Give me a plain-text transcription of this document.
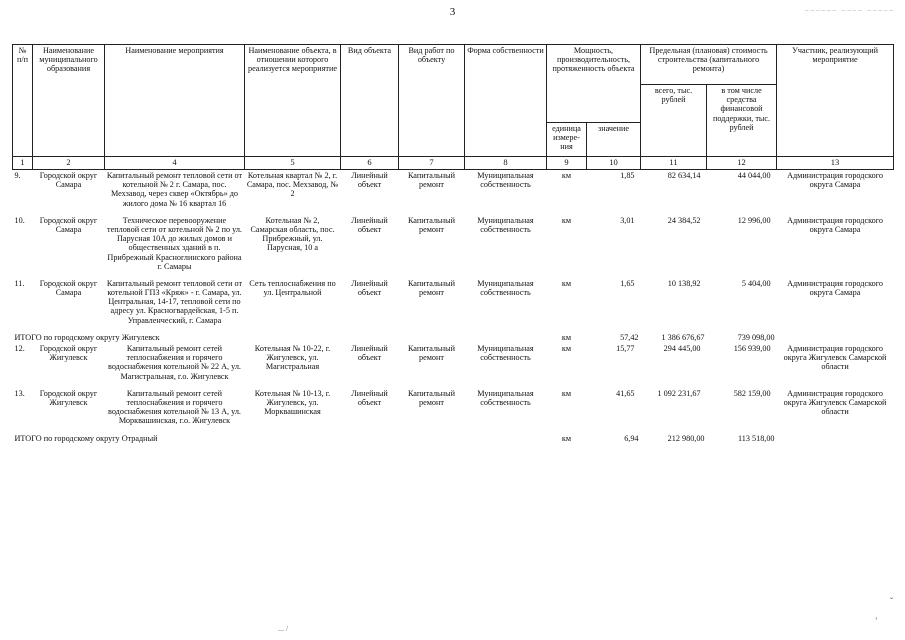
______ ____ _____
3
№ п/п	Наименование муниципального образования	Наименование мероприятия	Наименование объекта, в отношении которого реализуется мероприятие	Вид объекта	Вид работ по объекту	Форма собственности	Мощность, производительность, протяженность объекта		Предельная (плановая) стоимость строительства (капитального ремонта)		Участник, реализующий мероприятие
									всего, тыс. рублей	в том числе средства финансовой поддержки, тыс. рублей	
							единица измере-ния	значение			
1	2	4	5	6	7	8	9	10	11	12	13
9.	Городской округ Самара	Капитальный ремонт тепловой сети от котельной № 2 г. Самара, пос. Мехзавод, через сквер «Октябрь» до жилого дома № 16 квартал 16	Котельная квартал № 2, г. Самара, пос. Мехзавод, № 2	Линейный объект	Капитальный ремонт	Муниципальная собственность	км	1,85	82 634,14	44 044,00	Администрация городского округа Самара

10.	Городской округ Самара	Техническое перевооружение тепловой сети от котельной № 2 по ул. Парусная 10А до жилых домов и общественных зданий в п. Прибрежный Красноглинского района г. Самары	Котельная № 2, Самарская область, пос. Прибрежный, ул. Парусная, 10 а	Линейный объект	Капитальный ремонт	Муниципальная собственность	км	3,01	24 384,52	12 996,00	Администрация городского округа Самара

11.	Городской округ Самара	Капитальный ремонт тепловой сети от котельной ГПЗ «Кряж» - г. Самара, ул. Центральная, 14-17, тепловой сети по адресу ул. Красногвардейская, 1-5 п. Управленческий, г. Самара	Сеть теплоснабжения по ул. Центральной	Линейный объект	Капитальный ремонт	Муниципальная собственность	км	1,65	10 138,92	5 404,00	Администрация городского округа Самара

ИТОГО по городскому округу Жигулевск							км	57,42	1 386 676,67	739 098,00	
12.	Городской округ Жигулевск	Капитальный ремонт сетей теплоснабжения и горячего водоснабжения котельной № 22 А, ул. Магистральная, г.о. Жигулевск	Котельная № 10-22, г. Жигулевск, ул. Магистральная	Линейный объект	Капитальный ремонт	Муниципальная собственность	км	15,77	294 445,00	156 939,00	Администрация городского округа Жигулевск Самарской области

13.	Городской округ Жигулевск	Капитальный ремонт сетей теплоснабжения и горячего водоснабжения котельной № 13 А, ул. Моркваш​инская, г.о. Жигулевск	Котельная № 10-13, г. Жигулевск, ул. Морквашинская	Линейный объект	Капитальный ремонт	Муниципальная собственность	км	41,65	1 092 231,67	582 159,00	Администрация городского округа Жигулевск Самарской области

ИТОГО по городскому округу Отрадный							км	6,94	212 980,00	113 518,00	
... /
ˇ
'
